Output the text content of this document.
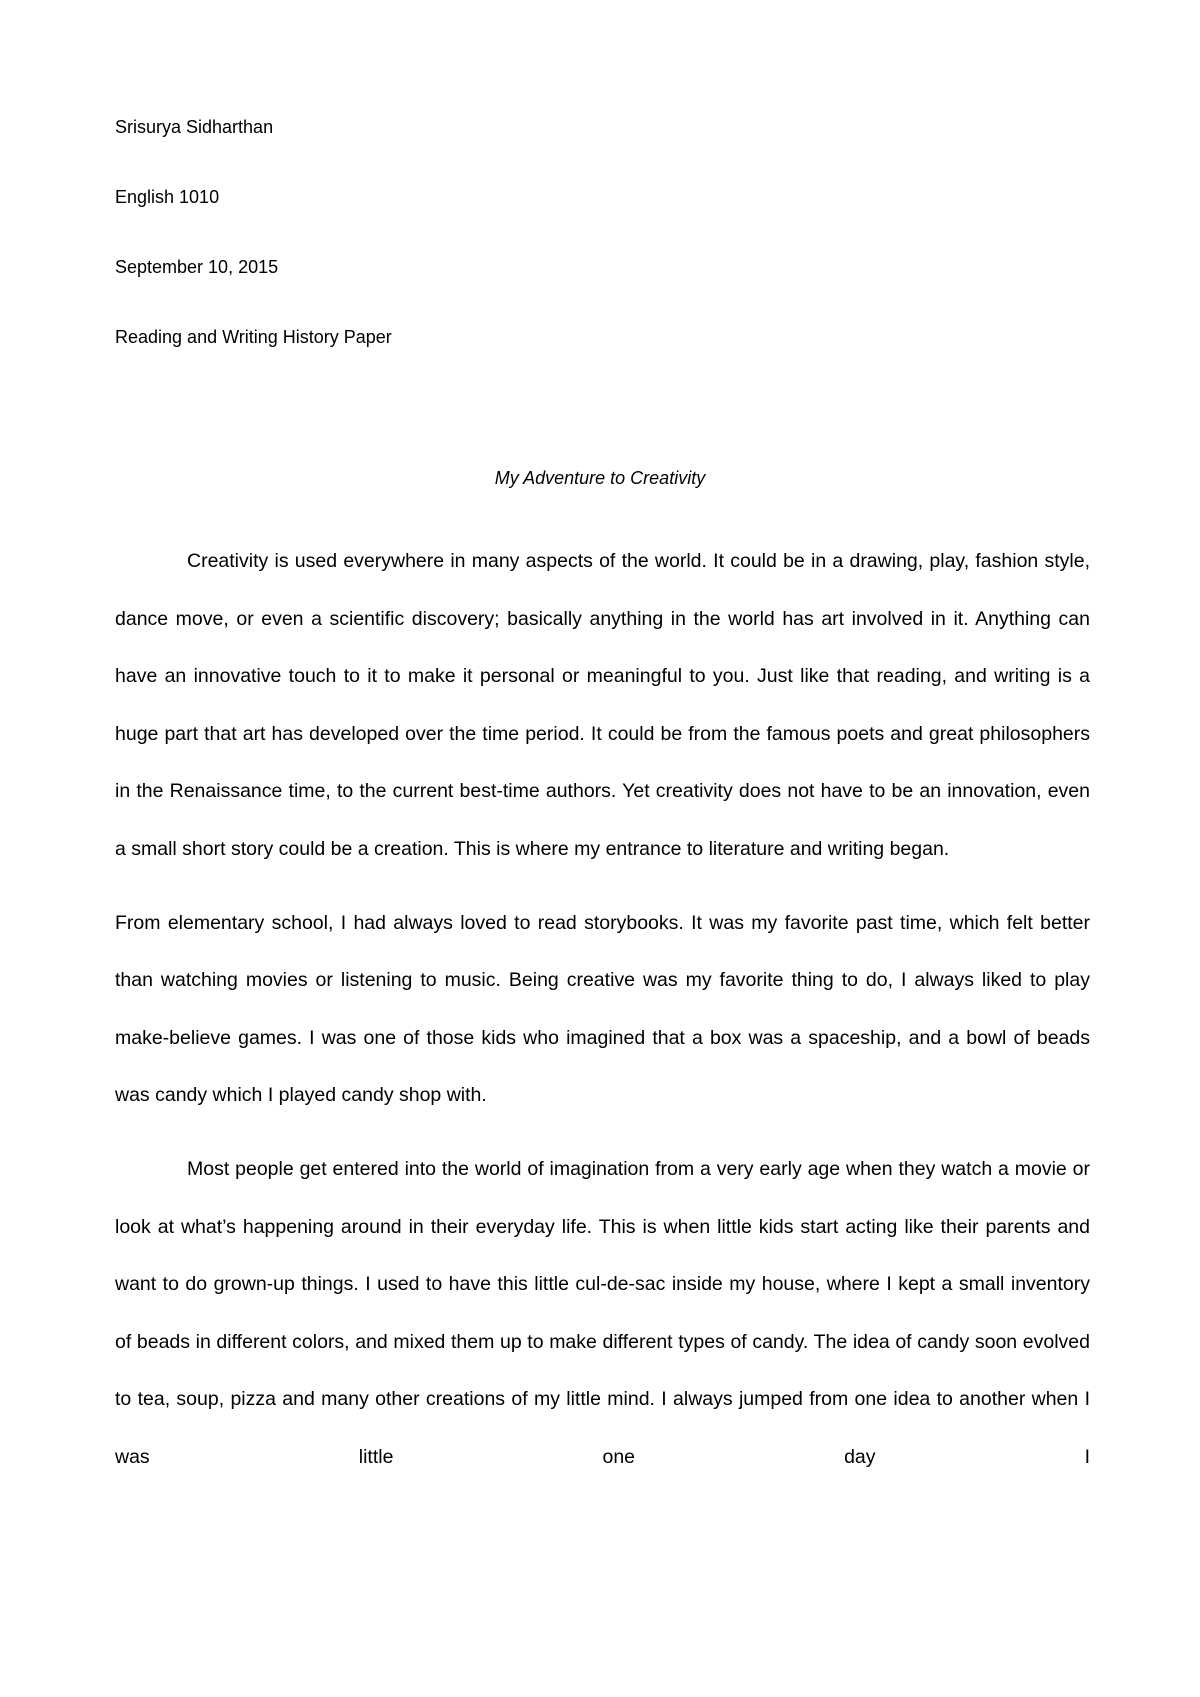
Srisurya Sidharthan
English 1010
September 10, 2015
Reading and Writing History Paper
My Adventure to Creativity

Creativity is used everywhere in many aspects of the world. It could be in a drawing, play, fashion style, dance move, or even a scientific discovery; basically anything in the world has art involved in it. Anything can have an innovative touch to it to make it personal or meaningful to you. Just like that reading, and writing is a huge part that art has developed over the time period. It could be from the famous poets and great philosophers in the Renaissance time, to the current best-time authors. Yet creativity does not have to be an innovation, even a small short story could be a creation. This is where my entrance to literature and writing began.

From elementary school, I had always loved to read storybooks. It was my favorite past time, which felt better than watching movies or listening to music. Being creative was my favorite thing to do, I always liked to play make-believe games. I was one of those kids who imagined that a box was a spaceship, and a bowl of beads was candy which I played candy shop with.

Most people get entered into the world of imagination from a very early age when they watch a movie or look at what’s happening around in their everyday life. This is when little kids start acting like their parents and want to do grown-up things. I used to have this little cul-de-sac inside my house, where I kept a small inventory of beads in different colors, and mixed them up to make different types of candy. The idea of candy soon evolved to tea, soup, pizza and many other creations of my little mind. I always jumped from one idea to another when I was little one day I
